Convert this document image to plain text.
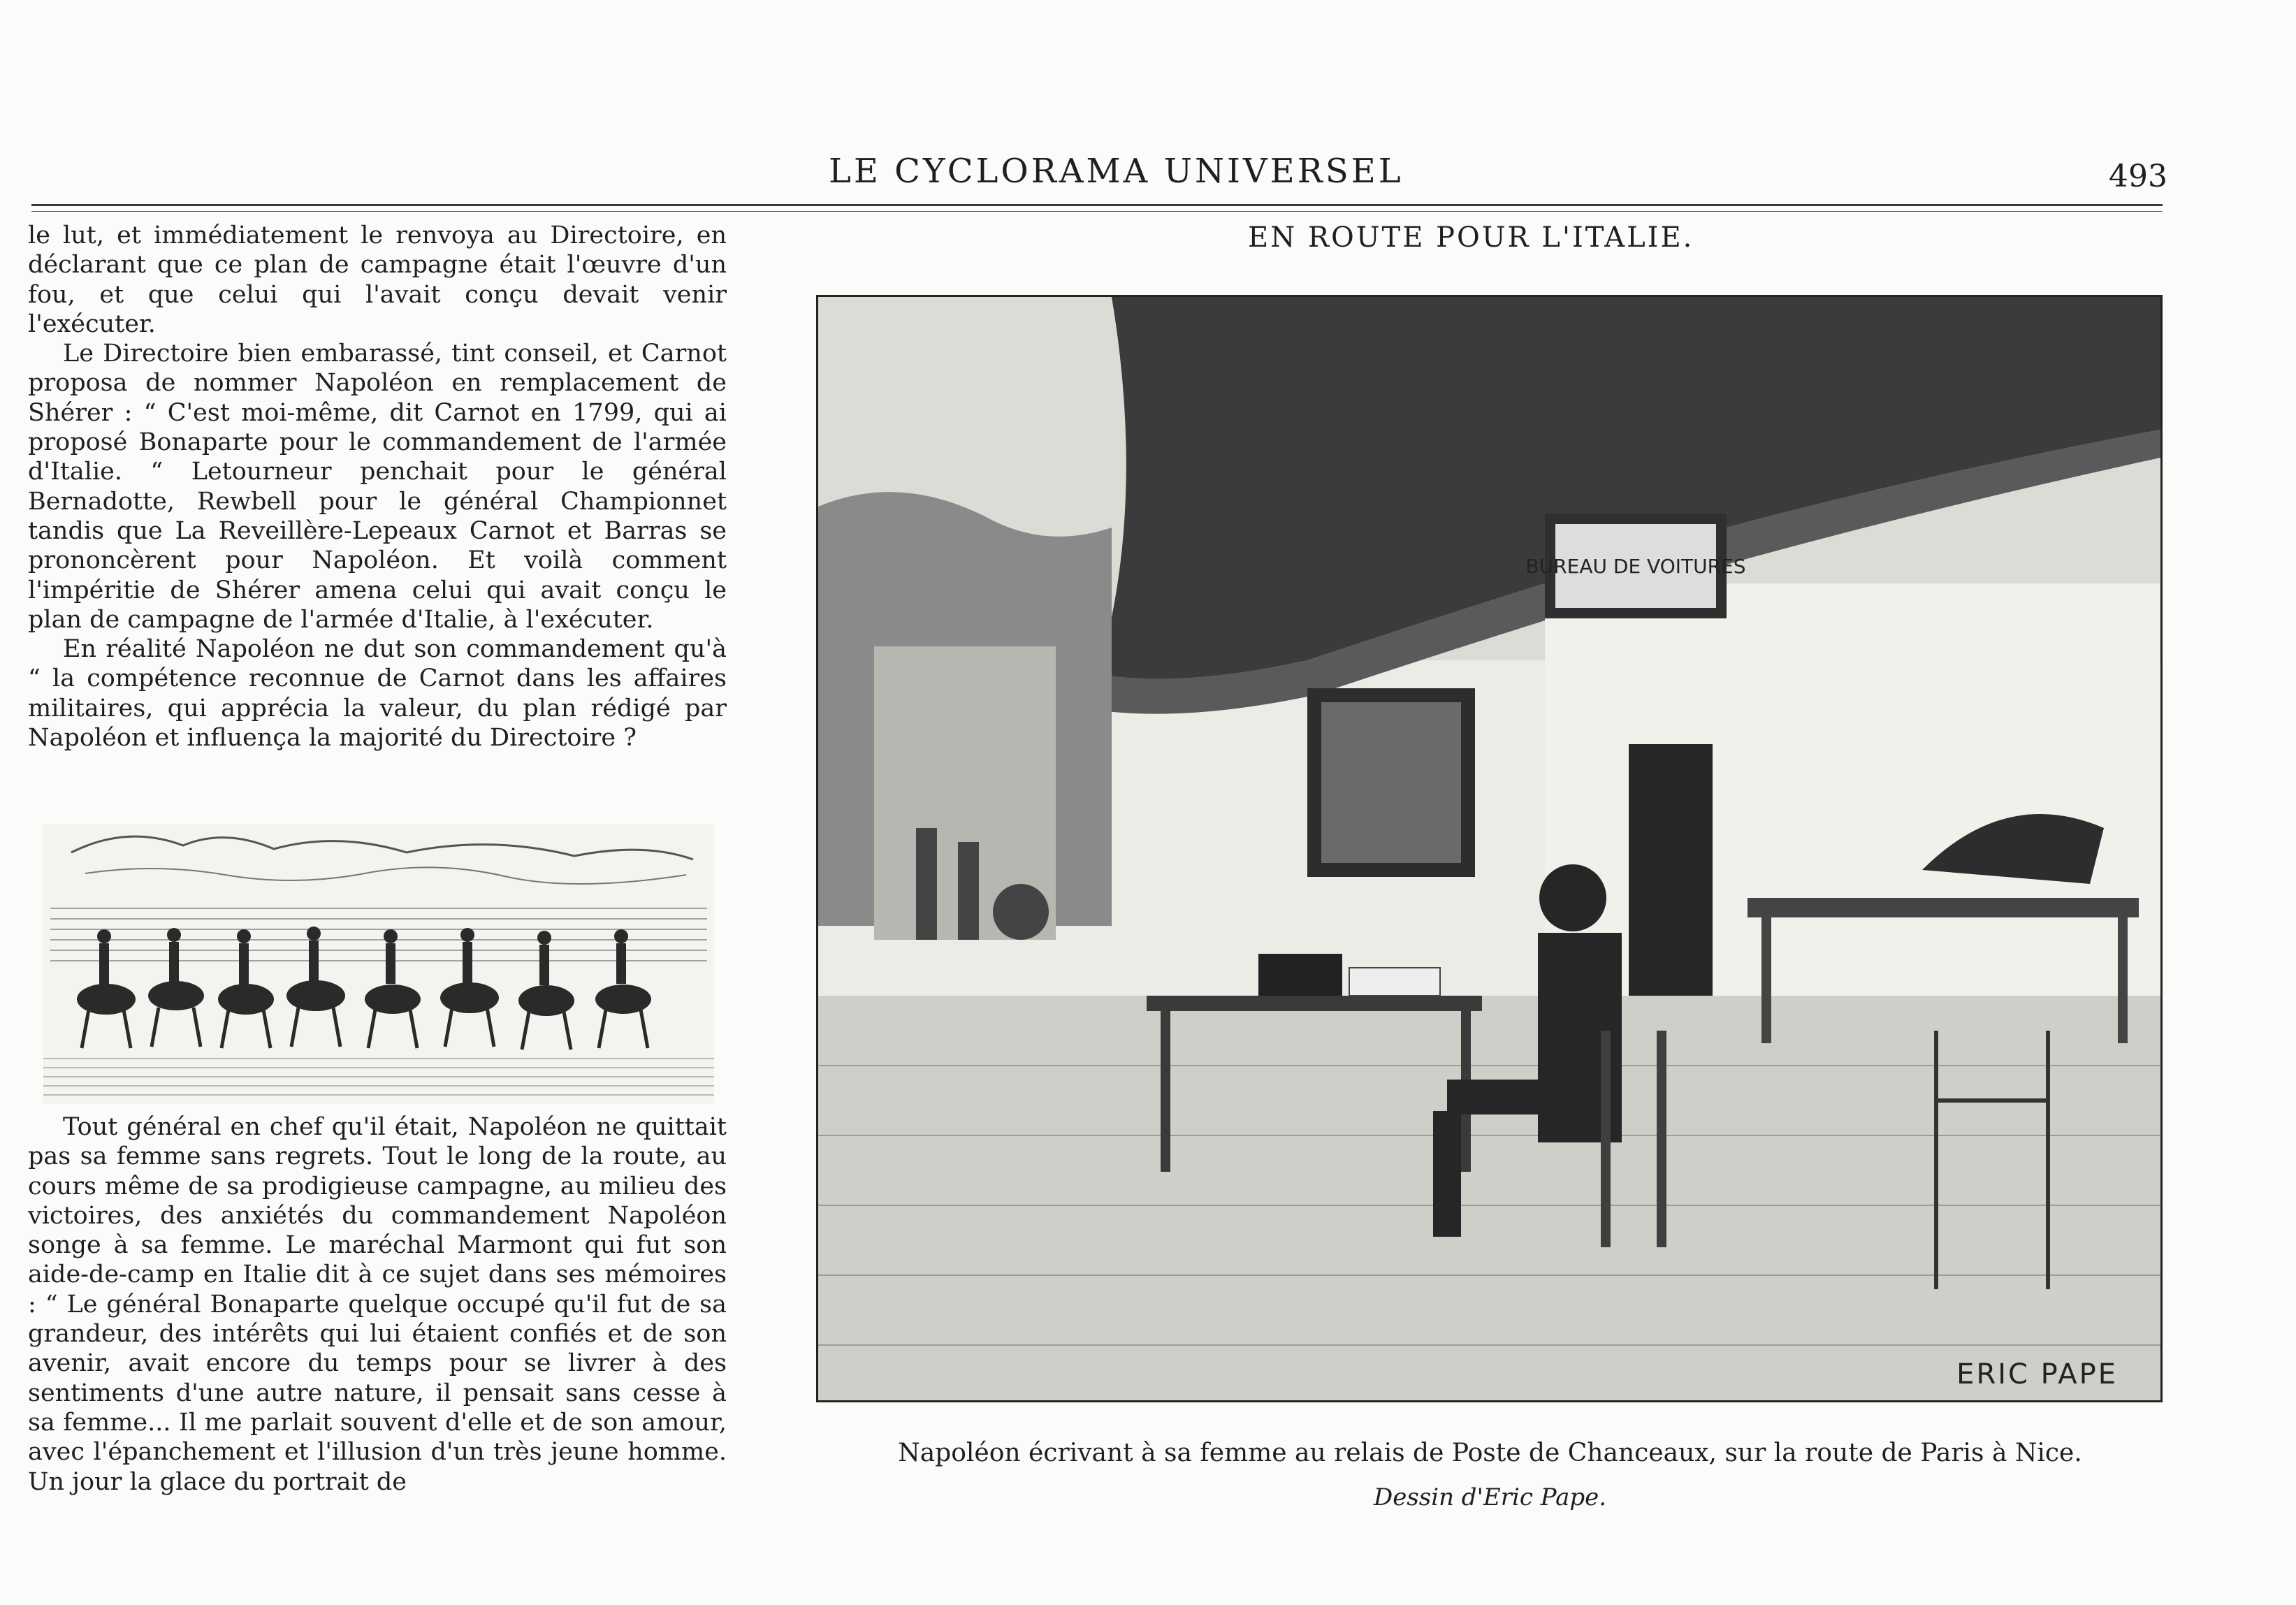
LE CYCLORAMA UNIVERSEL	493

le lut, et immédiatement le renvoya au Directoire, en déclarant que ce plan de campagne était l'œuvre d'un fou, et que celui qui l'avait conçu devait venir l'exécuter.

Le Directoire bien embarassé, tint conseil, et Carnot proposa de nommer Napoléon en remplacement de Shérer : “ C'est moi-même, dit Carnot en 1799, qui ai proposé Bonaparte pour le commandement de l'armée d'Italie. “ Letourneur penchait pour le général Bernadotte, Rewbell pour le général Championnet tandis que La Reveillère-Lepeaux Carnot et Barras se prononcèrent pour Napoléon. Et voilà comment l'impéritie de Shérer amena celui qui avait conçu le plan de campagne de l'armée d'Italie, à l'exécuter.

En réalité Napoléon ne dut son commandement qu'à “ la compétence reconnue de Carnot dans les affaires militaires, qui apprécia la valeur, du plan rédigé par Napoléon et influença la majorité du Directoire ?

Tout général en chef qu'il était, Napoléon ne quittait pas sa femme sans regrets. Tout le long de la route, au cours même de sa prodigieuse campagne, au milieu des victoires, des anxiétés du commandement Napoléon songe à sa femme. Le maréchal Marmont qui fut son aide-de-camp en Italie dit à ce sujet dans ses mémoires : “ Le général Bonaparte quelque occupé qu'il fut de sa grandeur, des intérêts qui lui étaient confiés et de son avenir, avait encore du temps pour se livrer à des sentiments d'une autre nature, il pensait sans cesse à sa femme... Il me parlait souvent d'elle et de son amour, avec l'épanchement et l'illusion d'un très jeune homme. Un jour la glace du portrait de

EN ROUTE POUR L'ITALIE.
BUREAU DE VOITURES
ERIC PAPE
Napoléon écrivant à sa femme au relais de Poste de Chanceaux, sur la route de Paris à Nice.
Dessin d'Eric Pape.
